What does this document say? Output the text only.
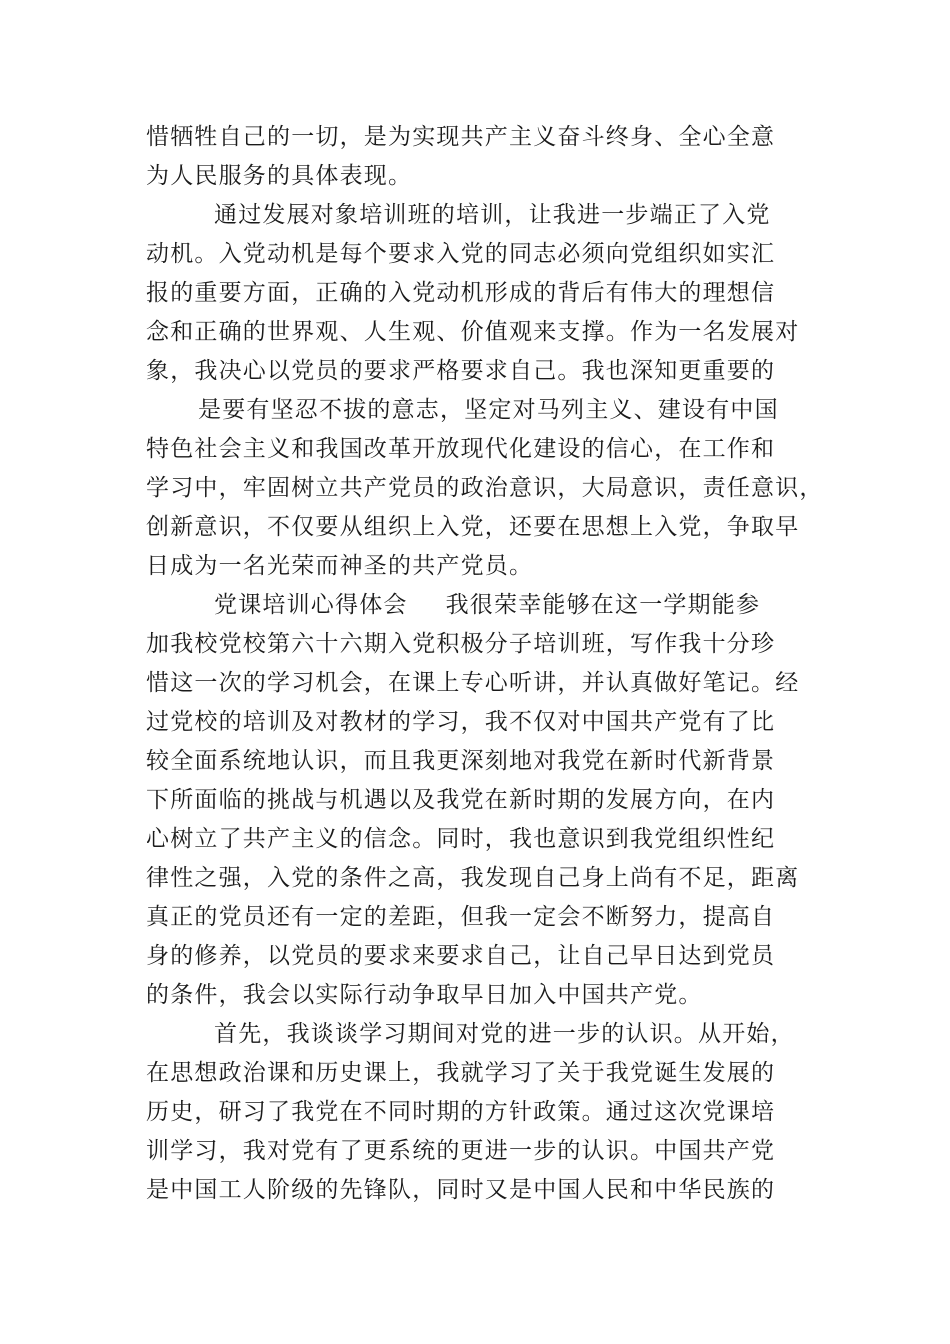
惜牺牲自己的一切，是为实现共产主义奋斗终身、全心全意
为人民服务的具体表现。
通过发展对象培训班的培训，让我进一步端正了入党
动机。入党动机是每个要求入党的同志必须向党组织如实汇
报的重要方面，正确的入党动机形成的背后有伟大的理想信
念和正确的世界观、人生观、价值观来支撑。作为一名发展对
象，我决心以党员的要求严格要求自己。我也深知更重要的
是要有坚忍不拔的意志，坚定对马列主义、建设有中国
特色社会主义和我国改革开放现代化建设的信心，在工作和
学习中，牢固树立共产党员的政治意识，大局意识，责任意识，
创新意识，不仅要从组织上入党，还要在思想上入党，争取早
日成为一名光荣而神圣的共产党员。
党课培训心得体会 我很荣幸能够在这一学期能参
加我校党校第六十六期入党积极分子培训班，写作我十分珍
惜这一次的学习机会，在课上专心听讲，并认真做好笔记。经
过党校的培训及对教材的学习，我不仅对中国共产党有了比
较全面系统地认识，而且我更深刻地对我党在新时代新背景
下所面临的挑战与机遇以及我党在新时期的发展方向，在内
心树立了共产主义的信念。同时，我也意识到我党组织性纪
律性之强，入党的条件之高，我发现自己身上尚有不足，距离
真正的党员还有一定的差距，但我一定会不断努力，提高自
身的修养，以党员的要求来要求自己，让自己早日达到党员
的条件，我会以实际行动争取早日加入中国共产党。
首先，我谈谈学习期间对党的进一步的认识。从开始，
在思想政治课和历史课上，我就学习了关于我党诞生发展的
历史，研习了我党在不同时期的方针政策。通过这次党课培
训学习，我对党有了更系统的更进一步的认识。中国共产党
是中国工人阶级的先锋队，同时又是中国人民和中华民族的
